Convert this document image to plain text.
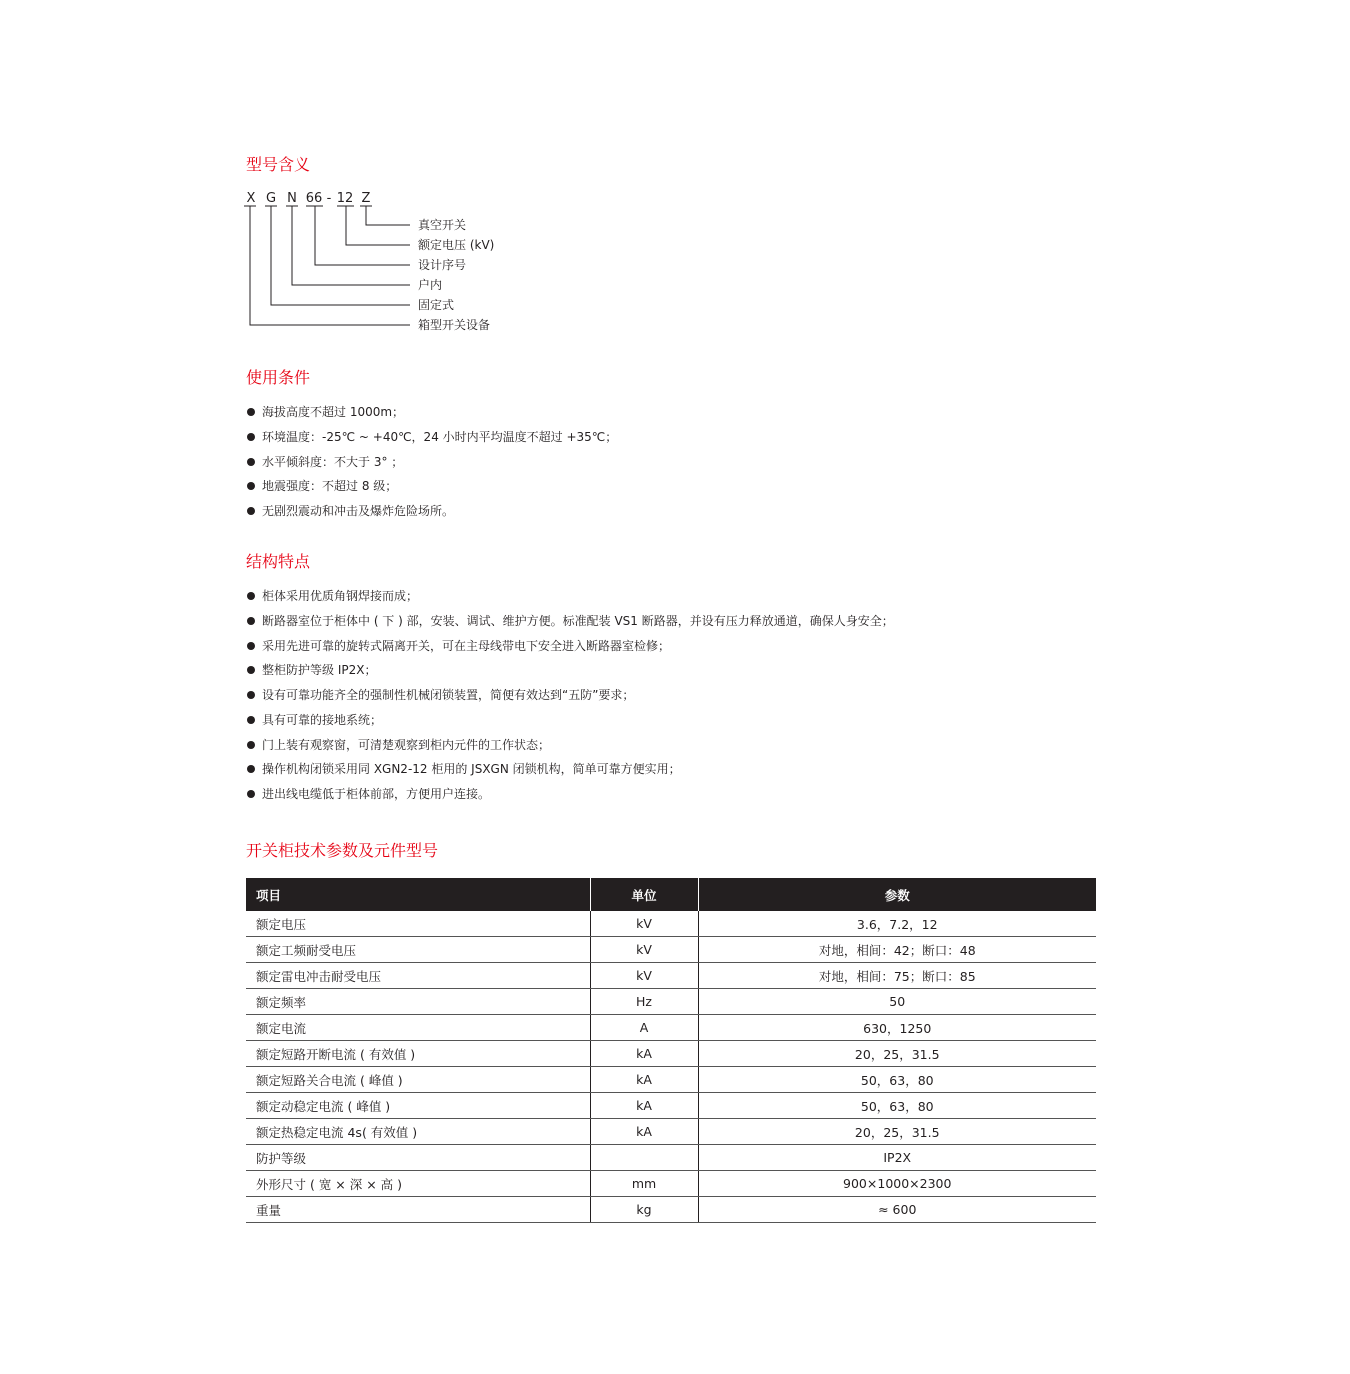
型号含义
X G N 66 - 12 Z
真空开关
额定电压 (kV)
设计序号
户内
固定式
箱型开关设备
使用条件
海拔高度不超过 1000m；
环境温度：-25℃ ~ +40℃，24 小时内平均温度不超过 +35℃；
水平倾斜度：不大于 3° ；
地震强度：不超过 8 级；
无剧烈震动和冲击及爆炸危险场所。
结构特点
柜体采用优质角钢焊接而成；
断路器室位于柜体中 ( 下 ) 部，安装、调试、维护方便。标准配装 VS1 断路器，并设有压力释放通道，确保人身安全；
采用先进可靠的旋转式隔离开关，可在主母线带电下安全进入断路器室检修；
整柜防护等级 IP2X；
设有可靠功能齐全的强制性机械闭锁装置，简便有效达到“五防”要求；
具有可靠的接地系统；
门上装有观察窗，可清楚观察到柜内元件的工作状态；
操作机构闭锁采用同 XGN2-12 柜用的 JSXGN 闭锁机构，简单可靠方便实用；
进出线电缆低于柜体前部，方便用户连接。
开关柜技术参数及元件型号
项目	单位	参数
额定电压	kV	3.6，7.2，12
额定工频耐受电压	kV	对地，相间：42；断口：48
额定雷电冲击耐受电压	kV	对地，相间：75；断口：85
额定频率	Hz	50
额定电流	A	630，1250
额定短路开断电流 ( 有效值 )	kA	20，25，31.5
额定短路关合电流 ( 峰值 )	kA	50，63，80
额定动稳定电流 ( 峰值 )	kA	50，63，80
额定热稳定电流 4s( 有效值 )	kA	20，25，31.5
防护等级		IP2X
外形尺寸 ( 宽 × 深 × 高 )	mm	900×1000×2300
重量	kg	≈ 600
